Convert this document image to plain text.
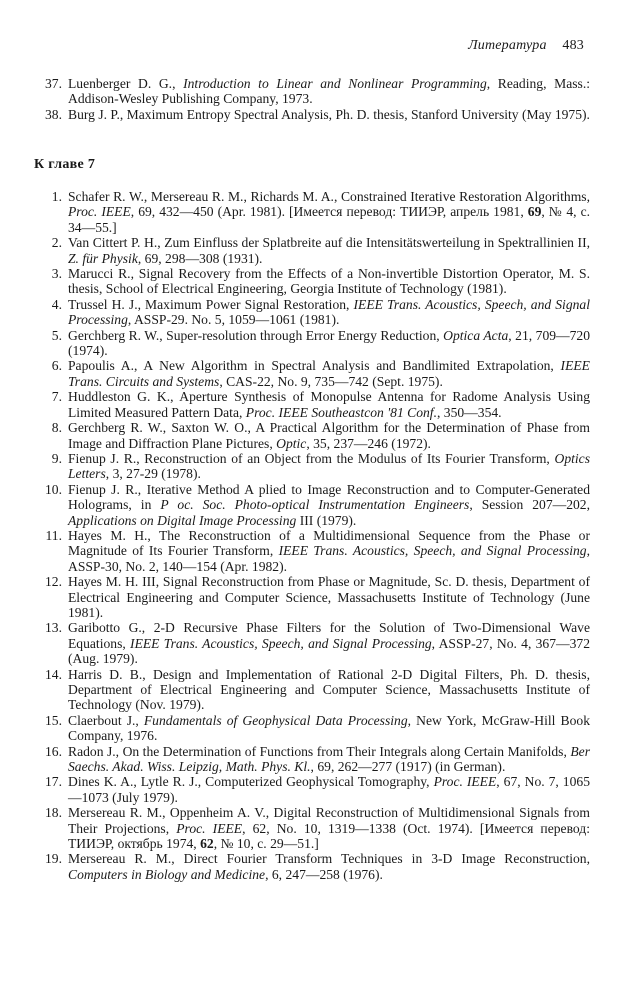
Литература 483
37. Luenberger D. G., Introduction to Linear and Nonlinear Programming, Reading, Mass.: Addison-Wesley Publishing Company, 1973.
38. Burg J. P., Maximum Entropy Spectral Analysis, Ph. D. thesis, Stanford University (May 1975).
К главе 7
1. Schafer R. W., Mersereau R. M., Richards M. A., Constrained Iterative Restoration Algorithms, Proc. IEEE, 69, 432—450 (Apr. 1981). [Имеется перевод: ТИИЭР, апрель 1981, 69, № 4, с. 34—55.]
2. Van Cittert P. H., Zum Einfluss der Splatbreite auf die Intensitätswerteilung in Spektrallinien II, Z. für Physik, 69, 298—308 (1931).
3. Marucci R., Signal Recovery from the Effects of a Non-invertible Distortion Operator, M. S. thesis, School of Electrical Engineering, Georgia Institute of Technology (1981).
4. Trussel H. J., Maximum Power Signal Restoration, IEEE Trans. Acoustics, Speech, and Signal Processing, ASSP-29. No. 5, 1059—1061 (1981).
5. Gerchberg R. W., Super-resolution through Error Energy Reduction, Optica Acta, 21, 709—720 (1974).
6. Papoulis A., A New Algorithm in Spectral Analysis and Bandlimited Extrapolation, IEEE Trans. Circuits and Systems, CAS-22, No. 9, 735—742 (Sept. 1975).
7. Huddleston G. K., Aperture Synthesis of Monopulse Antenna for Radome Analysis Using Limited Measured Pattern Data, Proc. IEEE Southeastcon '81 Conf., 350—354.
8. Gerchberg R. W., Saxton W. O., A Practical Algorithm for the Determination of Phase from Image and Diffraction Plane Pictures, Optic, 35, 237—246 (1972).
9. Fienup J. R., Reconstruction of an Object from the Modulus of Its Fourier Transform, Optics Letters, 3, 27-29 (1978).
10. Fienup J. R., Iterative Method A plied to Image Reconstruction and to Computer-Generated Holograms, in P oc. Soc. Photo-optical Instrumentation Engineers, Session 207—202, Applications on Digital Image Processing III (1979).
11. Hayes M. H., The Reconstruction of a Multidimensional Sequence from the Phase or Magnitude of Its Fourier Transform, IEEE Trans. Acoustics, Speech, and Signal Processing, ASSP-30, No. 2, 140—154 (Apr. 1982).
12. Hayes M. H. III, Signal Reconstruction from Phase or Magnitude, Sc. D. thesis, Department of Electrical Engineering and Computer Science, Massachusetts Institute of Technology (June 1981).
13. Garibotto G., 2-D Recursive Phase Filters for the Solution of Two-Dimensional Wave Equations, IEEE Trans. Acoustics, Speech, and Signal Processing, ASSP-27, No. 4, 367—372 (Aug. 1979).
14. Harris D. B., Design and Implementation of Rational 2-D Digital Filters, Ph. D. thesis, Department of Electrical Engineering and Computer Science, Massachusetts Institute of Technology (Nov. 1979).
15. Claerbout J., Fundamentals of Geophysical Data Processing, New York, McGraw-Hill Book Company, 1976.
16. Radon J., On the Determination of Functions from Their Integrals along Certain Manifolds, Ber Saechs. Akad. Wiss. Leipzig, Math. Phys. Kl., 69, 262—277 (1917) (in German).
17. Dines K. A., Lytle R. J., Computerized Geophysical Tomography, Proc. IEEE, 67, No. 7, 1065—1073 (July 1979).
18. Mersereau R. M., Oppenheim A. V., Digital Reconstruction of Multidimensional Signals from Their Projections, Proc. IEEE, 62, No. 10, 1319—1338 (Oct. 1974). [Имеется перевод: ТИИЭР, октябрь 1974, 62, № 10, с. 29—51.]
19. Mersereau R. M., Direct Fourier Transform Techniques in 3-D Image Reconstruction, Computers in Biology and Medicine, 6, 247—258 (1976).
